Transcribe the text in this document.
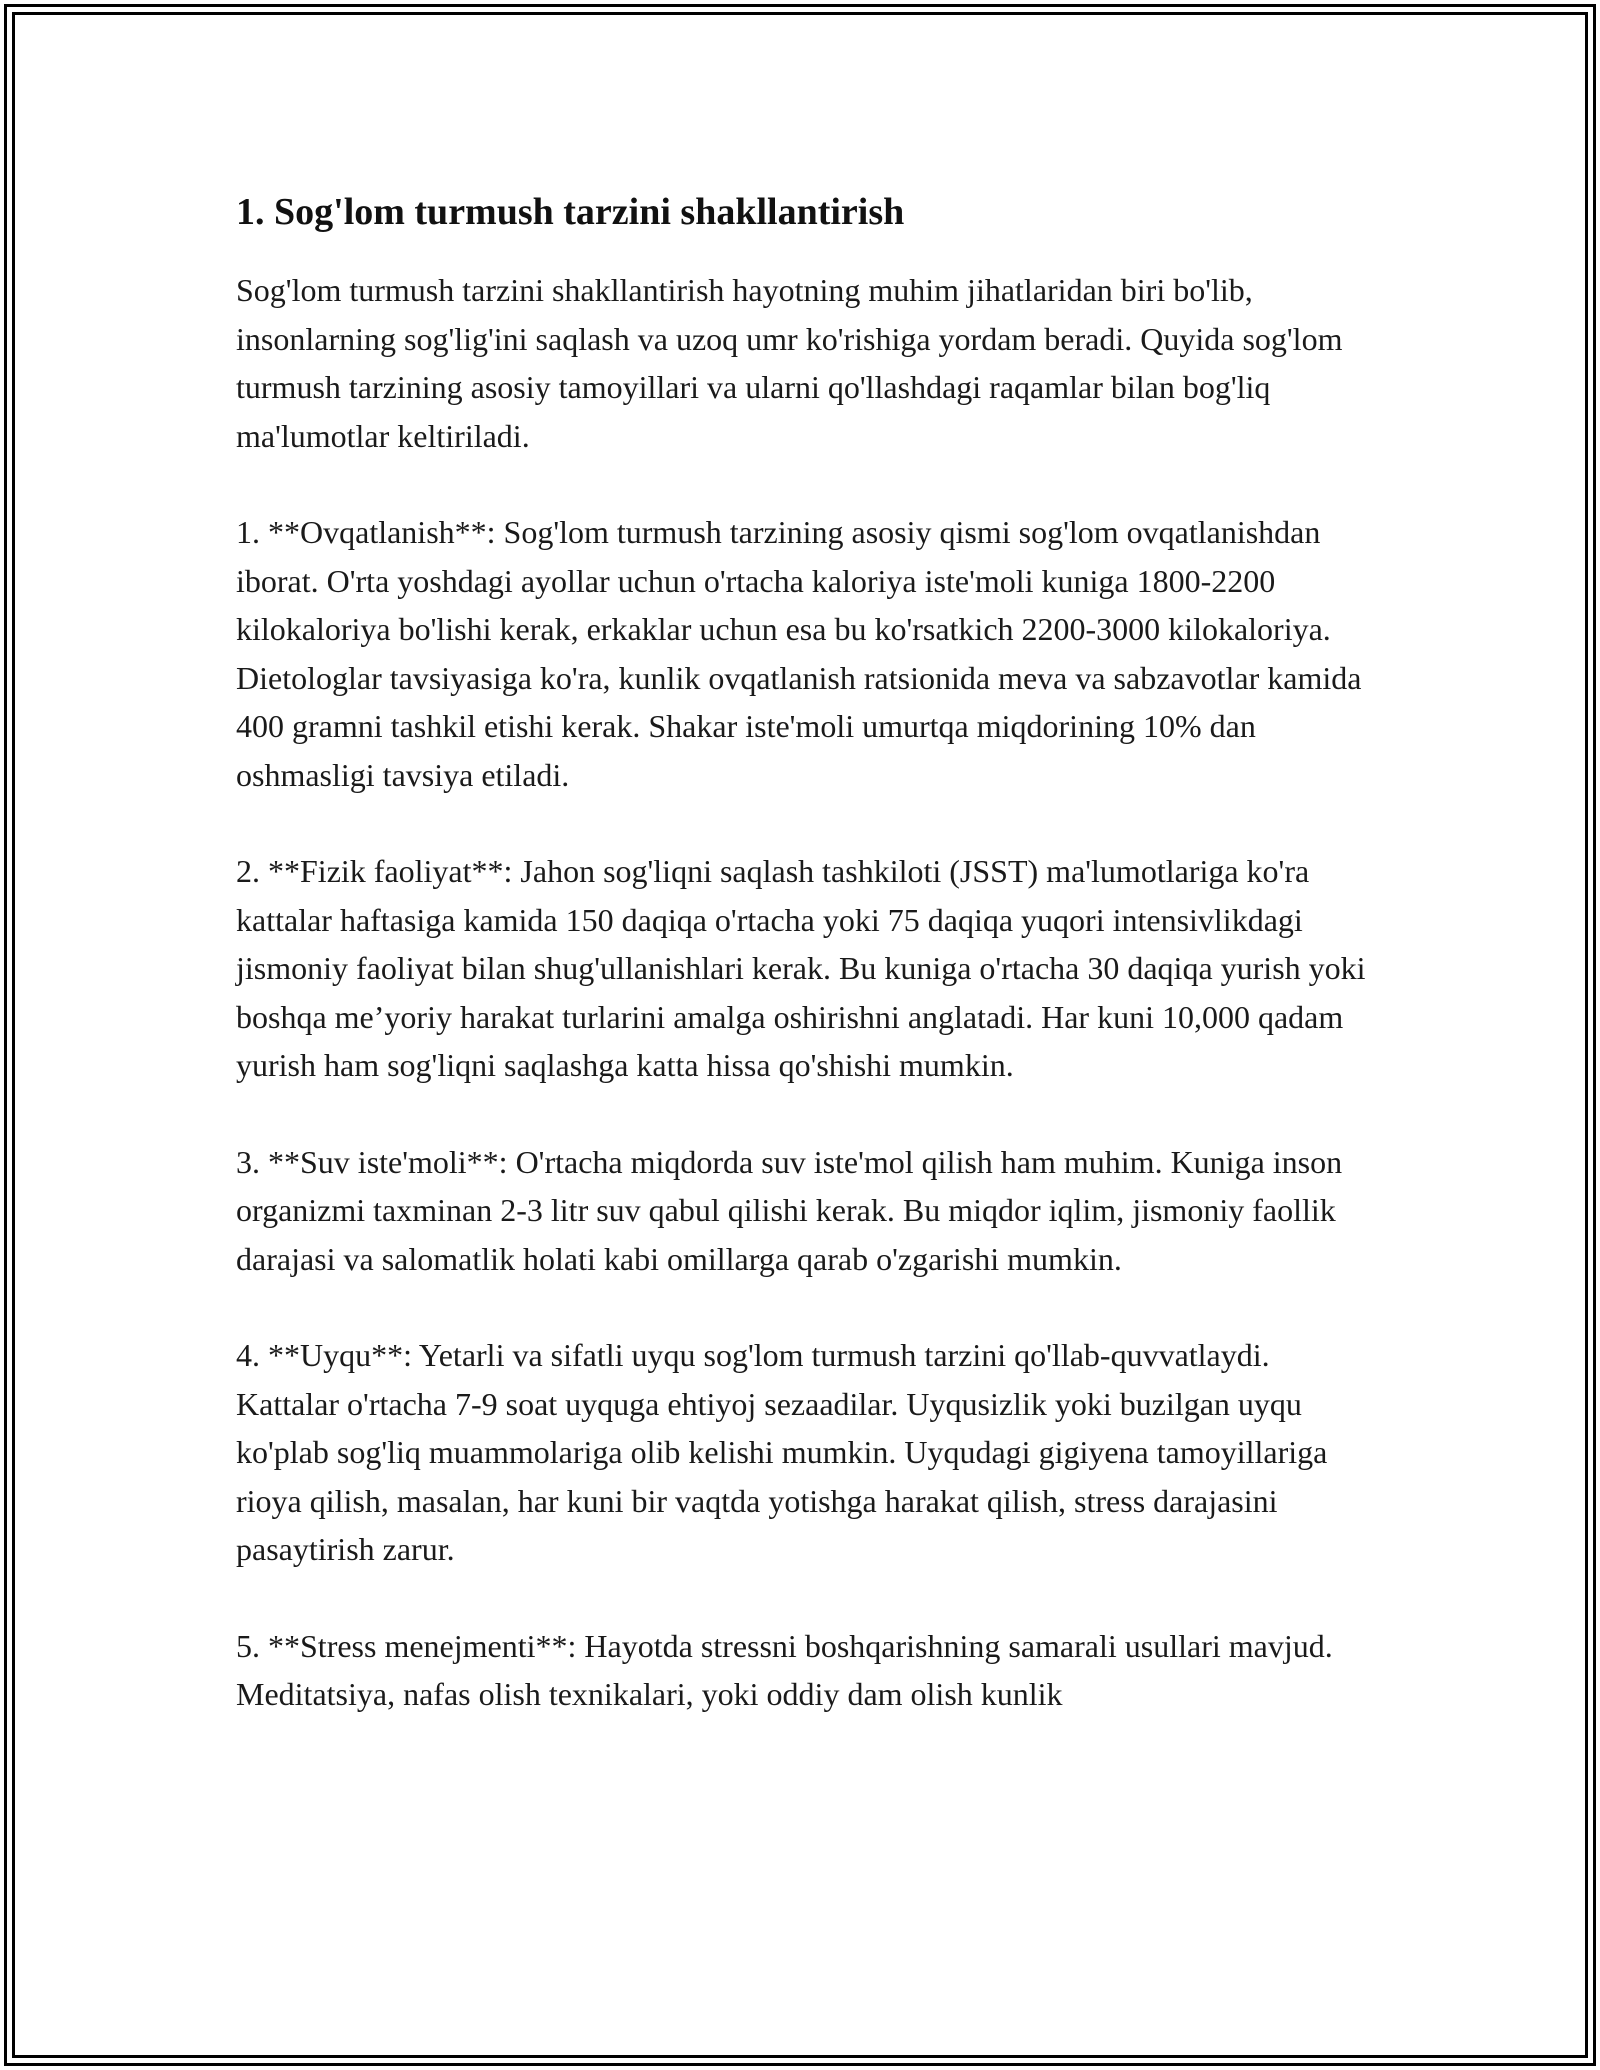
1. Sog'lom turmush tarzini shakllantirish

Sog'lom turmush tarzini shakllantirish hayotning muhim jihatlaridan biri bo'lib, insonlarning sog'lig'ini saqlash va uzoq umr ko'rishiga yordam beradi. Quyida sog'lom turmush tarzining asosiy tamoyillari va ularni qo'llashdagi raqamlar bilan bog'liq ma'lumotlar keltiriladi.

1. **Ovqatlanish**: Sog'lom turmush tarzining asosiy qismi sog'lom ovqatlanishdan iborat. O'rta yoshdagi ayollar uchun o'rtacha kaloriya iste'moli kuniga 1800-2200 kilokaloriya bo'lishi kerak, erkaklar uchun esa bu ko'rsatkich 2200-3000 kilokaloriya. Dietologlar tavsiyasiga ko'ra, kunlik ovqatlanish ratsionida meva va sabzavotlar kamida 400 gramni tashkil etishi kerak. Shakar iste'moli umurtqa miqdorining 10% dan oshmasligi tavsiya etiladi.

2. **Fizik faoliyat**: Jahon sog'liqni saqlash tashkiloti (JSST) ma'lumotlariga ko'ra kattalar haftasiga kamida 150 daqiqa o'rtacha yoki 75 daqiqa yuqori intensivlikdagi jismoniy faoliyat bilan shug'ullanishlari kerak. Bu kuniga o'rtacha 30 daqiqa yurish yoki boshqa me’yoriy harakat turlarini amalga oshirishni anglatadi. Har kuni 10,000 qadam yurish ham sog'liqni saqlashga katta hissa qo'shishi mumkin.

3. **Suv iste'moli**: O'rtacha miqdorda suv iste'mol qilish ham muhim. Kuniga inson organizmi taxminan 2-3 litr suv qabul qilishi kerak. Bu miqdor iqlim, jismoniy faollik darajasi va salomatlik holati kabi omillarga qarab o'zgarishi mumkin.

4. **Uyqu**: Yetarli va sifatli uyqu sog'lom turmush tarzini qo'llab-quvvatlaydi. Kattalar o'rtacha 7-9 soat uyquga ehtiyoj sezaadilar. Uyqusizlik yoki buzilgan uyqu ko'plab sog'liq muammolariga olib kelishi mumkin. Uyqudagi gigiyena tamoyillariga rioya qilish, masalan, har kuni bir vaqtda yotishga harakat qilish, stress darajasini pasaytirish zarur.

5. **Stress menejmenti**: Hayotda stressni boshqarishning samarali usullari mavjud. Meditatsiya, nafas olish texnikalari, yoki oddiy dam olish kunlik
